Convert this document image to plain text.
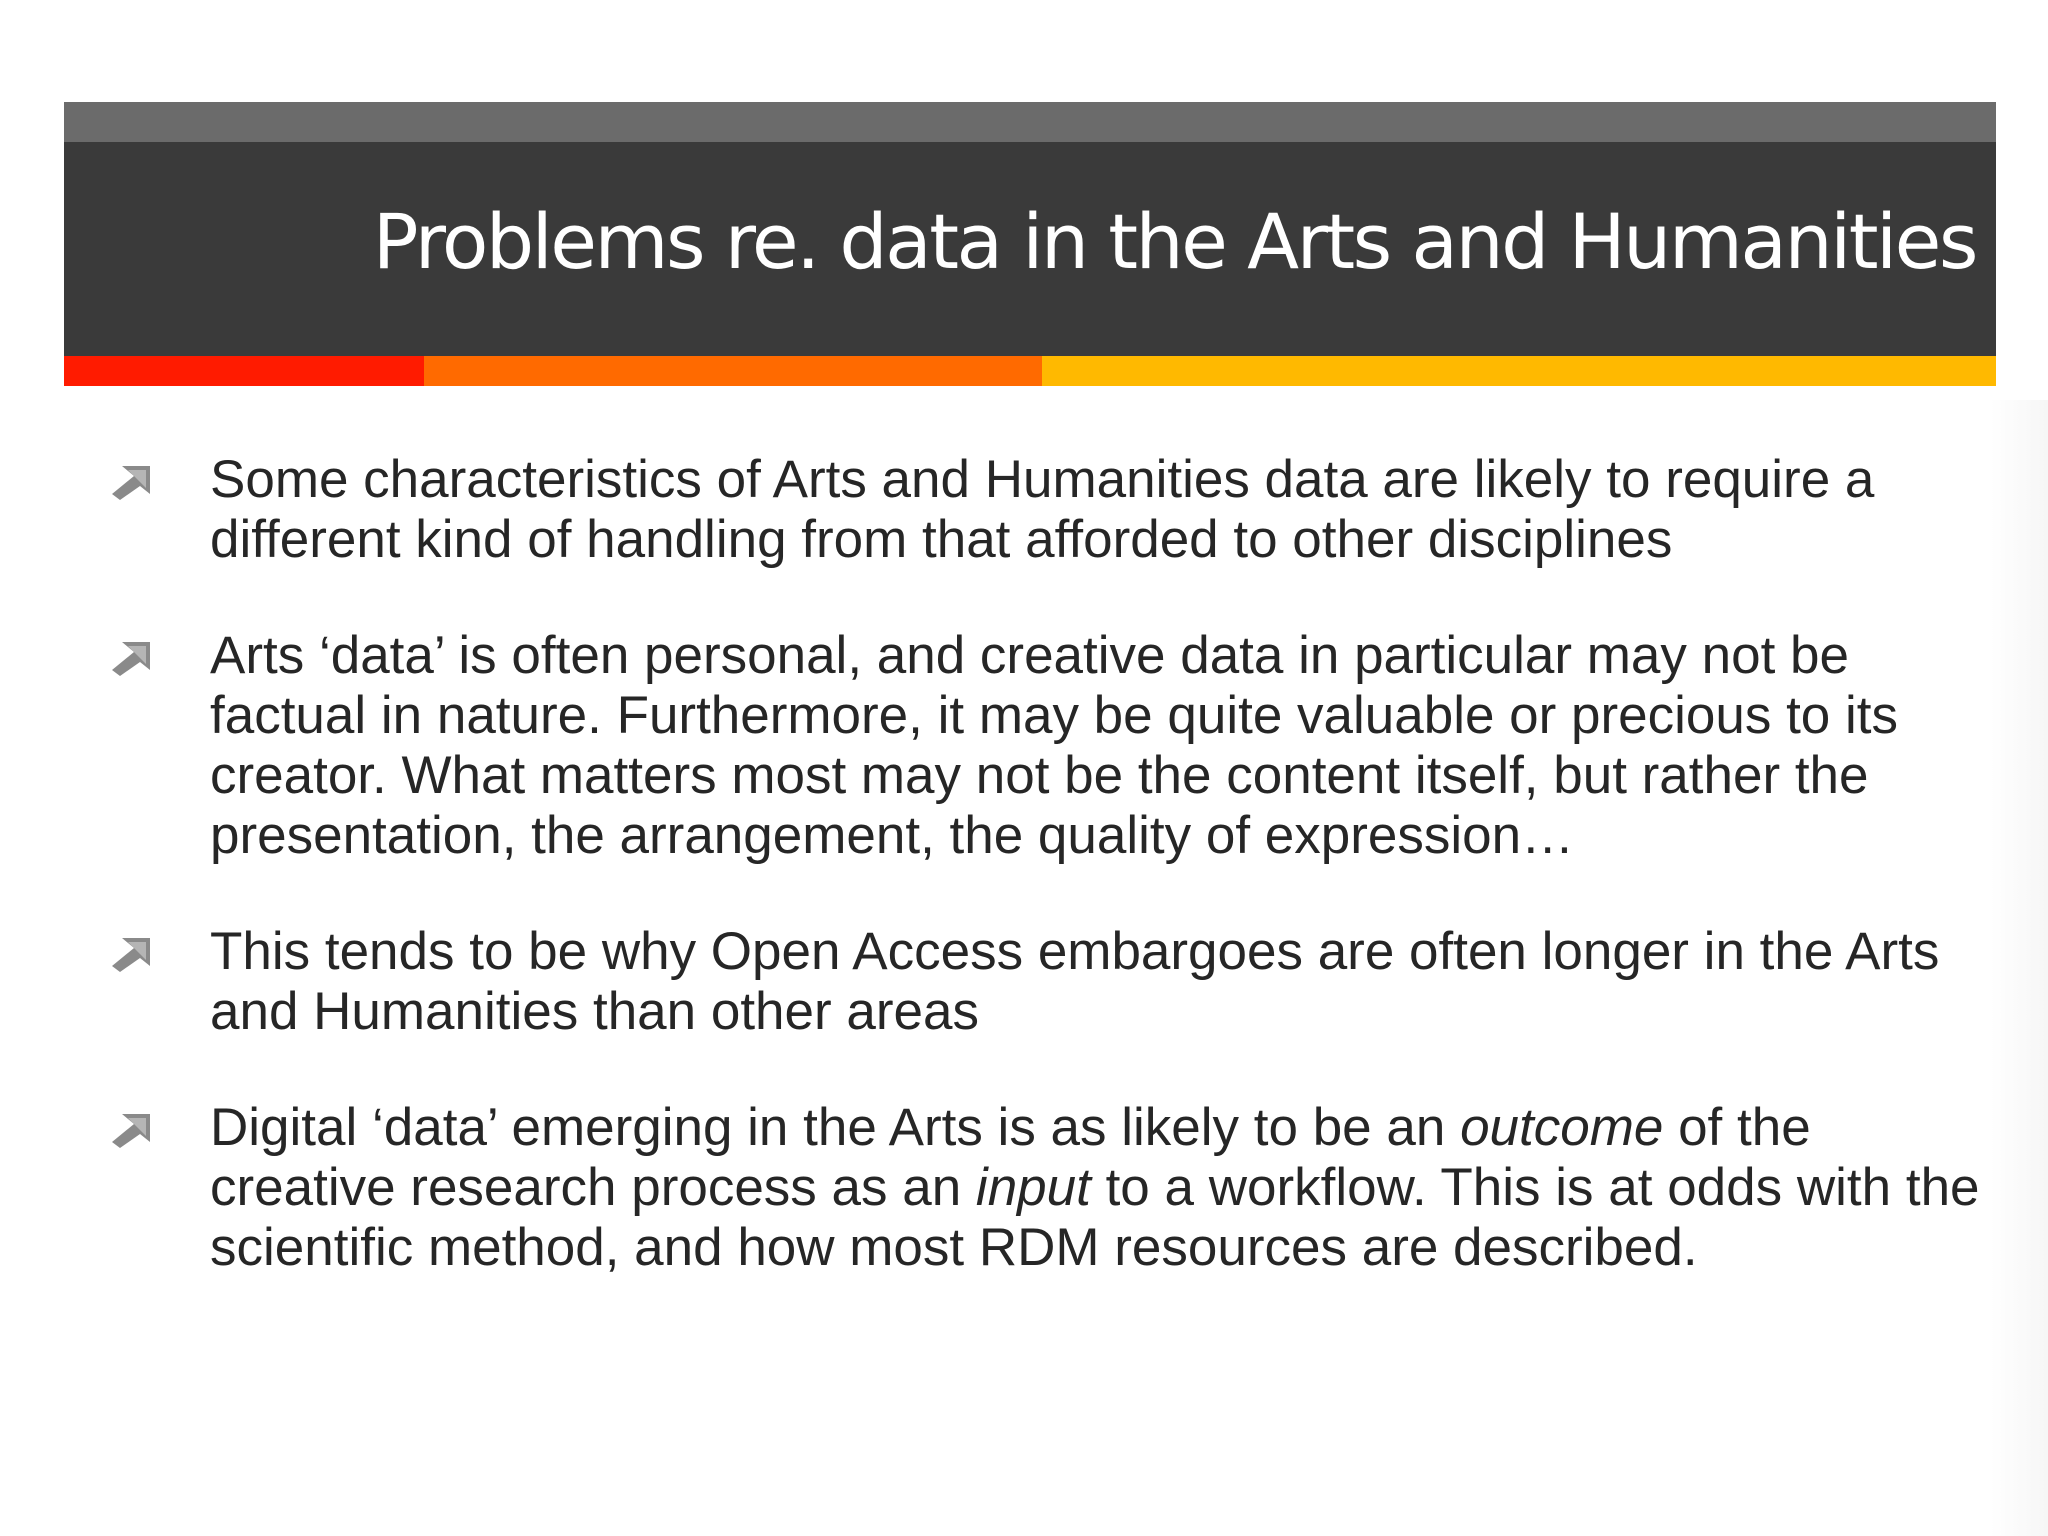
Problems re. data in the Arts and Humanities
Some characteristics of Arts and Humanities data are likely to require a different kind of handling from that afforded to other disciplines
Arts ‘data’ is often personal, and creative data in particular may not be factual in nature. Furthermore, it may be quite valuable or precious to its creator. What matters most may not be the content itself, but rather the presentation, the arrangement, the quality of expression…
This tends to be why Open Access embargoes are often longer in the Arts and Humanities than other areas
Digital ‘data’ emerging in the Arts is as likely to be an outcome of the creative research process as an input to a workflow. This is at odds with the scientific method, and how most RDM resources are described.
